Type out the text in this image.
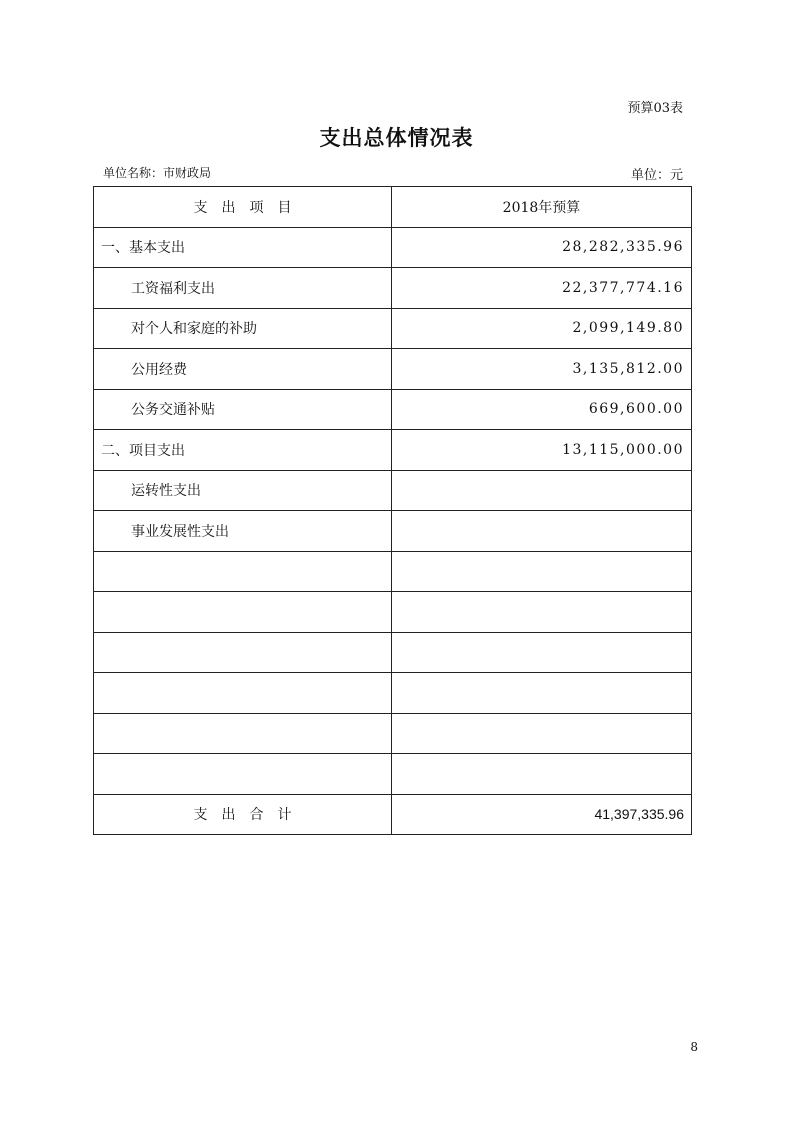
预算03表
支出总体情况表
单位名称：市财政局	单位：元
支　出　项　目	2018年预算
一、基本支出	28,282,335.96
工资福利支出	22,377,774.16
对个人和家庭的补助	2,099,149.80
公用经费	3,135,812.00
公务交通补贴	669,600.00
二、项目支出	13,115,000.00
运转性支出	
事业发展性支出	

支　出　合　计	41,397,335.96
8
